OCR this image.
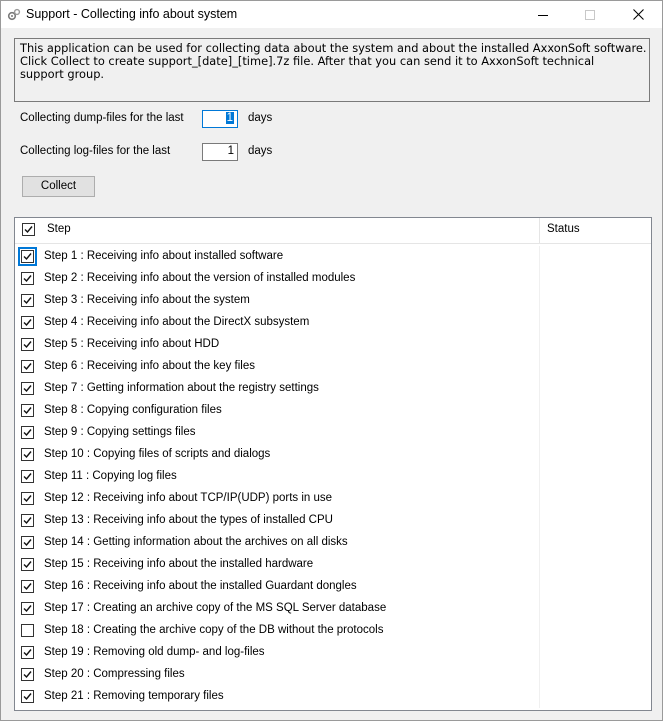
Support - Collecting info about system

This application can be used for collecting data about the system and about the installed AxxonSoft software.
Click Collect to create support_[date]_[time].7z file. After that you can send it to AxxonSoft technical
support group.

Collecting dump-files for the last	1	days
Collecting log-files for the last	1	days
Collect
Step	Status
Step 1 : Receiving info about installed software
Step 2 : Receiving info about the version of installed modules
Step 3 : Receiving info about the system
Step 4 : Receiving info about the DirectX subsystem
Step 5 : Receiving info about HDD
Step 6 : Receiving info about the key files
Step 7 : Getting information about the registry settings
Step 8 : Copying configuration files
Step 9 : Copying settings files
Step 10 : Copying files of scripts and dialogs
Step 11 : Copying log files
Step 12 : Receiving info about TCP/IP(UDP) ports in use
Step 13 : Receiving info about the types of installed CPU
Step 14 : Getting information about the archives on all disks
Step 15 : Receiving info about the installed hardware
Step 16 : Receiving info about the installed Guardant dongles
Step 17 : Creating an archive copy of the MS SQL Server database
Step 18 : Creating the archive copy of the DB without the protocols
Step 19 : Removing old dump- and log-files
Step 20 : Compressing files
Step 21 : Removing temporary files
